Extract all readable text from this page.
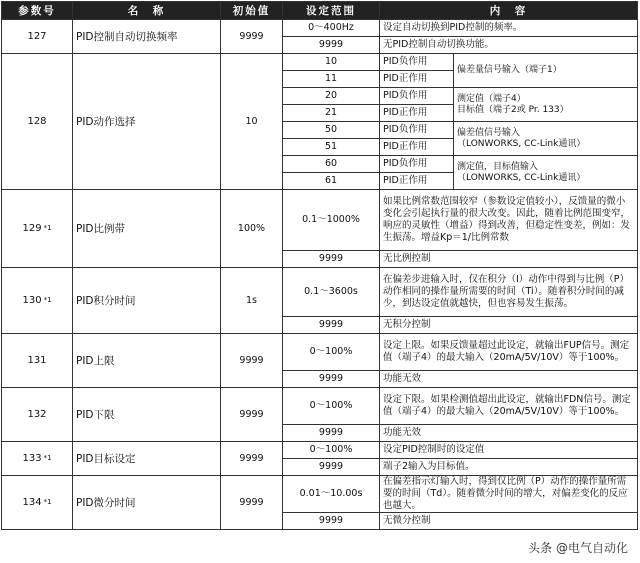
参数号	名　称	初始值	设定范围	内　容	
127	PID控制自动切换频率	9999	0～400Hz	设定自动切换到PID控制的频率。	
			9999	无PID控制自动切换功能。	
128	PID动作选择	10	10	PID负作用	偏差量信号输入（端子1）
			11	PID正作用	
			20	PID负作用	测定值（端子4）
目标值（端子2或 Pr. 133）

			21	PID正作用	
			50	PID负作用	偏差值信号输入
（LONWORKS, CC-Link通讯）

			51	PID正作用	
			60	PID负作用	测定值，目标值输入
（LONWORKS, CC-Link通讯）

			61	PID正作用	
129 *1	PID比例带	100%	0.1～1000%	如果比例常数范围较窄（参数设定值较小），反馈量的微小变化会引起执行量的很大改变。因此，随着比例范围变窄，响应的灵敏性（增益）得到改善，但稳定性变差，例如：发生振荡。增益Kp＝1/比例常数	
			9999	无比例控制	
130 *1	PID积分时间	1s	0.1～3600s	在偏差步进输入时，仅在积分（I）动作中得到与比例（P）动作相同的操作量所需要的时间（Ti）。随着积分时间的减少，到达设定值就越快，但也容易发生振荡。	
			9999	无积分控制	
131	PID上限	9999	0～100%	设定上限。如果反馈量超过此设定，就输出FUP信号。测定值（端子4）的最大输入（20mA/5V/10V）等于100%。	
			9999	功能无效	
132	PID下限	9999	0～100%	设定下限。如果检测值超出此设定，就输出FDN信号。测定值（端子4）的最大输入（20mA/5V/10V）等于100%。	
			9999	功能无效	
133 *1	PID目标设定	9999	0～100%	设定PID控制时的设定值	
			9999	端子2输入为目标值。	
134 *1	PID微分时间	9999	0.01～10.00s	在偏差指示灯输入时，得到仅比例（P）动作的操作量所需要的时间（Td）。随着微分时间的增大，对偏差变化的反应也越大。	
			9999	无微分控制	
头条 @电气自动化
